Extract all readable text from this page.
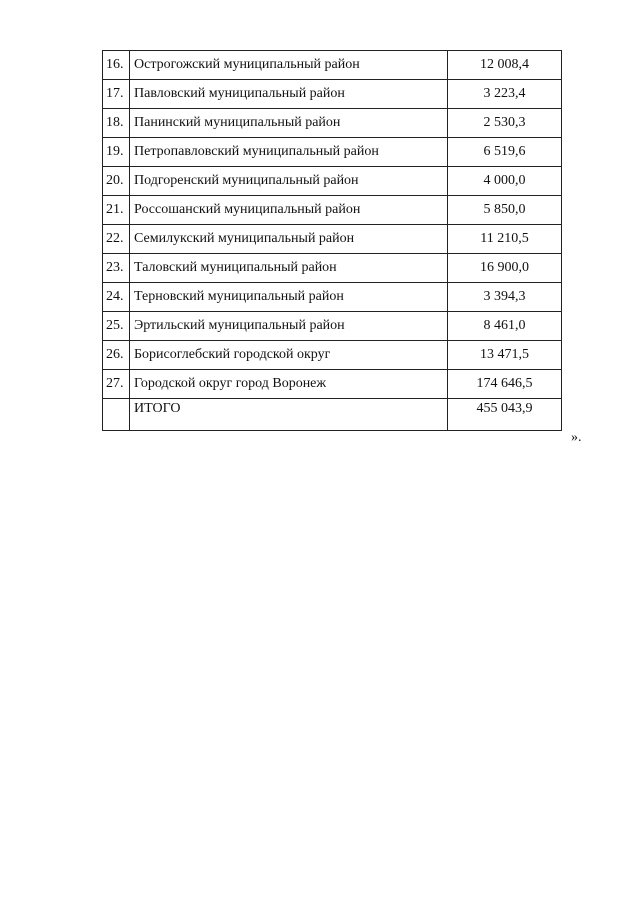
16.	Острогожский муниципальный район	12 008,4
17.	Павловский муниципальный район	3 223,4
18.	Панинский муниципальный район	2 530,3
19.	Петропавловский муниципальный район	6 519,6
20.	Подгоренский муниципальный район	4 000,0
21.	Россошанский муниципальный район	5 850,0
22.	Семилукский муниципальный район	11 210,5
23.	Таловский муниципальный район	16 900,0
24.	Терновский муниципальный район	3 394,3
25.	Эртильский муниципальный район	8 461,0
26.	Борисоглебский городской округ	13 471,5
27.	Городской округ город Воронеж	174 646,5
	ИТОГО	455 043,9
».
